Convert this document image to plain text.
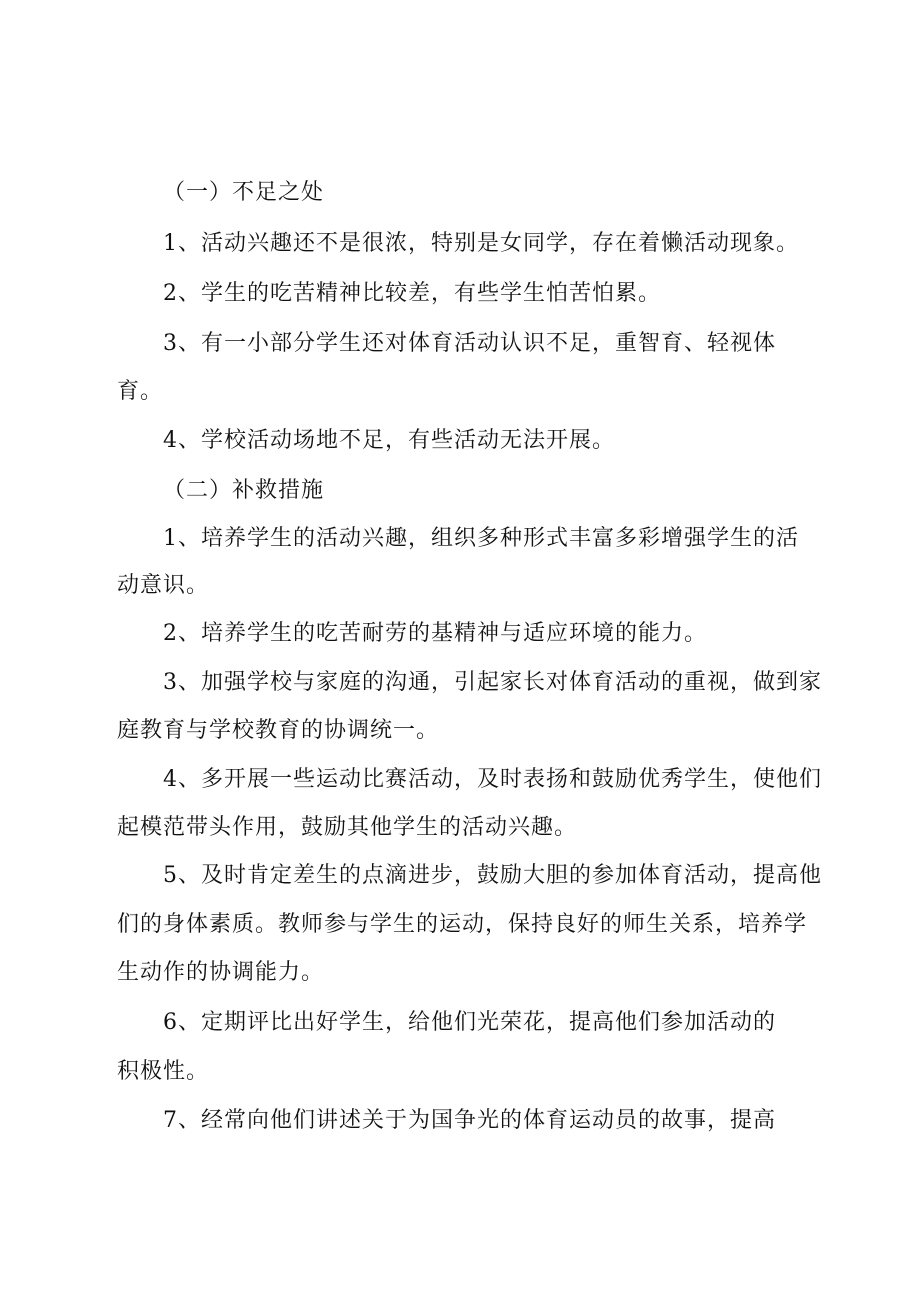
（一）不足之处
1、活动兴趣还不是很浓，特别是女同学，存在着懒活动现象。
2、学生的吃苦精神比较差，有些学生怕苦怕累。
3、有一小部分学生还对体育活动认识不足，重智育、轻视体
育。
4、学校活动场地不足，有些活动无法开展。
（二）补救措施
1、培养学生的活动兴趣，组织多种形式丰富多彩增强学生的活
动意识。
2、培养学生的吃苦耐劳的基精神与适应环境的能力。
3、加强学校与家庭的沟通，引起家长对体育活动的重视，做到家
庭教育与学校教育的协调统一。
4、多开展一些运动比赛活动，及时表扬和鼓励优秀学生，使他们
起模范带头作用，鼓励其他学生的活动兴趣。
5、及时肯定差生的点滴进步，鼓励大胆的参加体育活动，提高他
们的身体素质。教师参与学生的运动，保持良好的师生关系，培养学
生动作的协调能力。
6、定期评比出好学生，给他们光荣花，提高他们参加活动的
积极性。
7、经常向他们讲述关于为国争光的体育运动员的故事，提高
